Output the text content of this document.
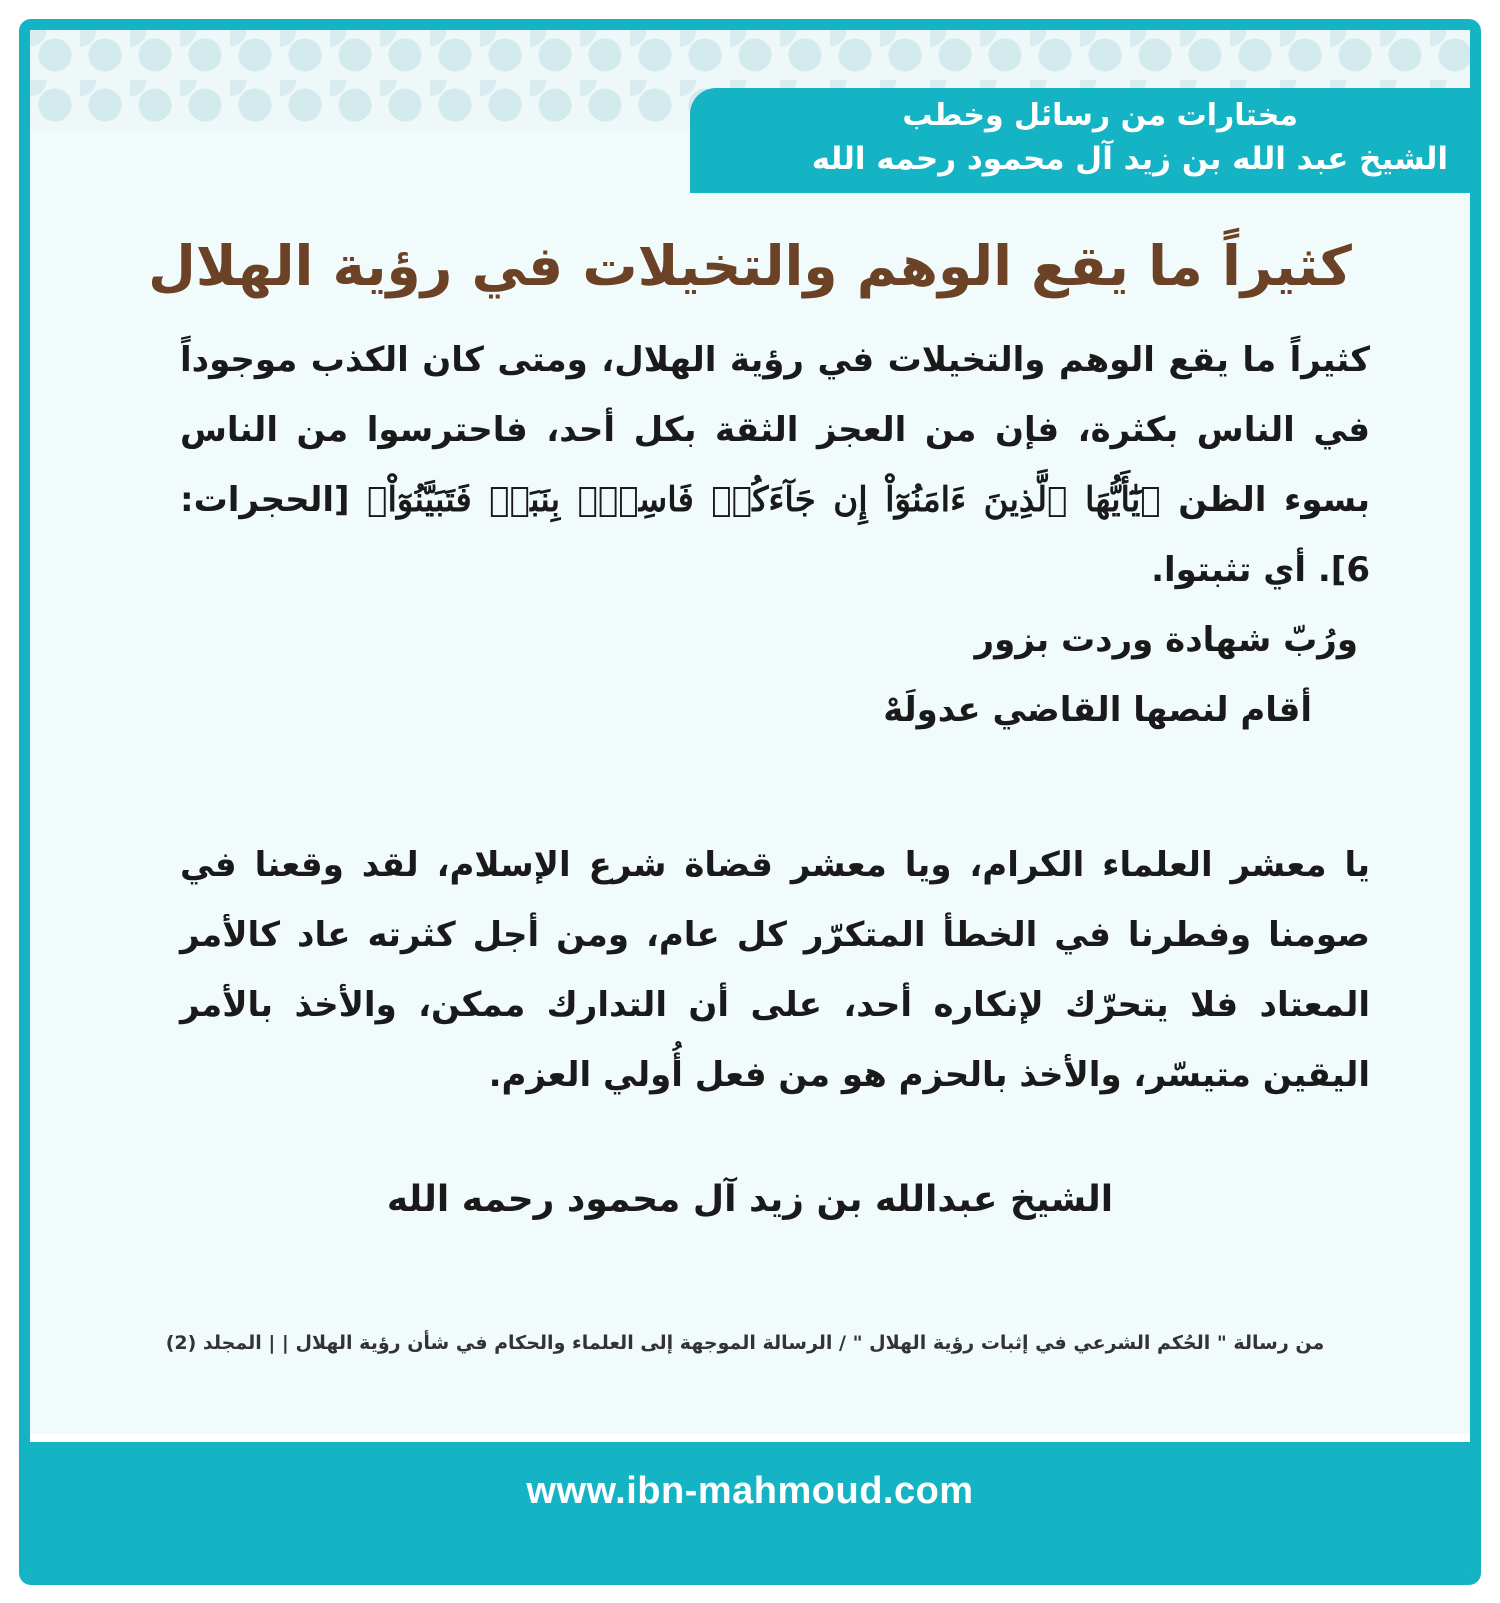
مختارات من رسائل وخطب
الشيخ عبد الله بن زيد آل محمود رحمه الله
كثيراً ما يقع الوهم والتخيلات في رؤية الهلال

كثيراً ما يقع الوهم والتخيلات في رؤية الهلال، ومتى كان الكذب موجوداً في الناس بكثرة، فإن من العجز الثقة بكل أحد، فاحترسوا من الناس بسوء الظن ﴿يَٰٓأَيُّهَا ٱلَّذِينَ ءَامَنُوٓاْ إِن جَآءَكُمۡ فَاسِقُۢ بِنَبَإٖ فَتَبَيَّنُوٓاْ﴾ [الحجرات: 6]. أي تثبتوا.

ورُبّ شهادة وردت بزور
أقام لنصها القاضي عدولَهْ

يا معشر العلماء الكرام، ويا معشر قضاة شرع الإسلام، لقد وقعنا في صومنا وفطرنا في الخطأ المتكرّر كل عام، ومن أجل كثرته عاد كالأمر المعتاد فلا يتحرّك لإنكاره أحد، على أن التدارك ممكن، والأخذ بالأمر اليقين متيسّر، والأخذ بالحزم هو من فعل أُولي العزم.

الشيخ عبدالله بن زيد آل محمود رحمه الله
من رسالة " الحُكم الشرعي في إثبات رؤية الهلال " / الرسالة الموجهة إلى العلماء والحكام في شأن رؤية الهلال | | المجلد (2)
www.ibn-mahmoud.com
